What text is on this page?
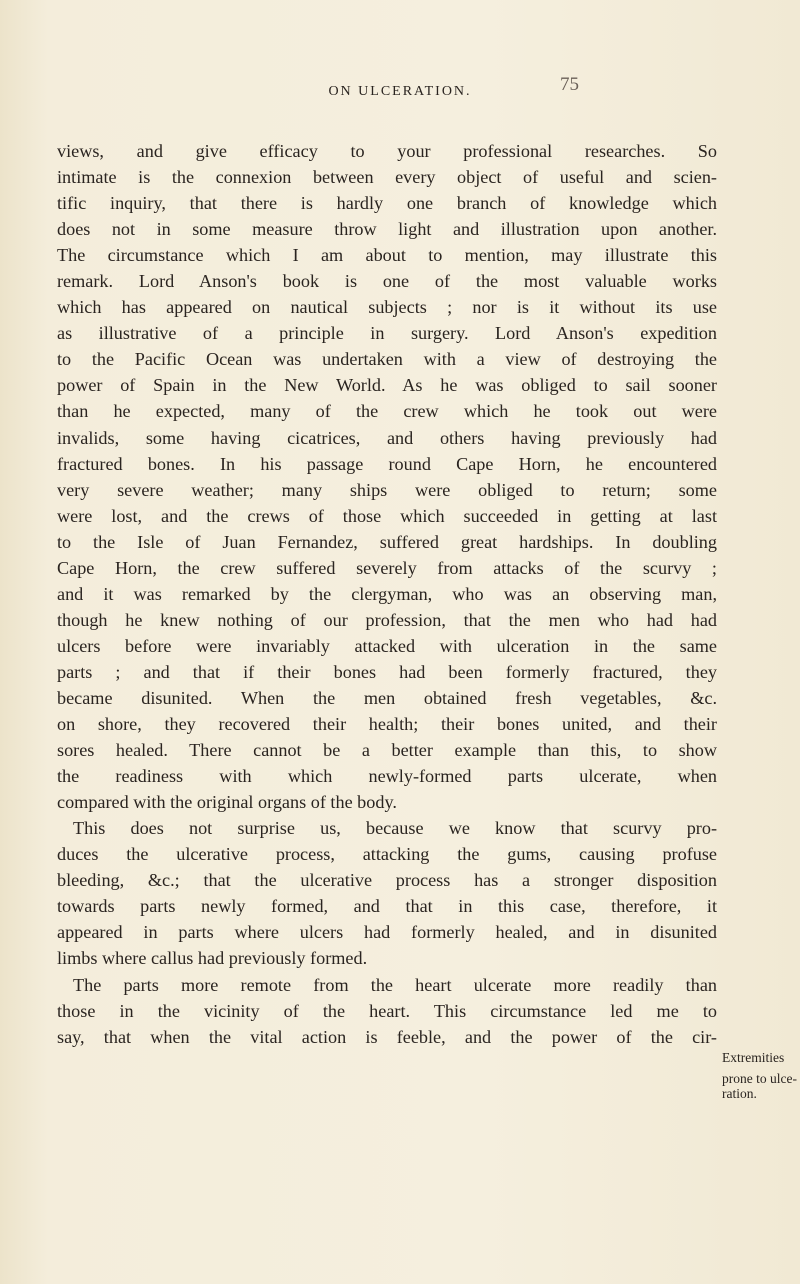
ON ULCERATION.	75
views, and give efficacy to your professional researches. So
intimate is the connexion between every object of useful and scien-
tific inquiry, that there is hardly one branch of knowledge which
does not in some measure throw light and illustration upon another.
The circumstance which I am about to mention, may illustrate this
remark. Lord Anson's book is one of the most valuable works
which has appeared on nautical subjects ; nor is it without its use
as illustrative of a principle in surgery. Lord Anson's expedition
to the Pacific Ocean was undertaken with a view of destroying the
power of Spain in the New World. As he was obliged to sail sooner
than he expected, many of the crew which he took out were
invalids, some having cicatrices, and others having previously had
fractured bones. In his passage round Cape Horn, he encountered
very severe weather; many ships were obliged to return; some
were lost, and the crews of those which succeeded in getting at last
to the Isle of Juan Fernandez, suffered great hardships. In doubling
Cape Horn, the crew suffered severely from attacks of the scurvy ;
and it was remarked by the clergyman, who was an observing man,
though he knew nothing of our profession, that the men who had had
ulcers before were invariably attacked with ulceration in the same
parts ; and that if their bones had been formerly fractured, they
became disunited. When the men obtained fresh vegetables, &c.
on shore, they recovered their health; their bones united, and their
sores healed. There cannot be a better example than this, to show
the readiness with which newly-formed parts ulcerate, when
compared with the original organs of the body.
This does not surprise us, because we know that scurvy pro-
duces the ulcerative process, attacking the gums, causing profuse
bleeding, &c.; that the ulcerative process has a stronger disposition
towards parts newly formed, and that in this case, therefore, it
appeared in parts where ulcers had formerly healed, and in disunited
limbs where callus had previously formed.
The parts more remote from the heart ulcerate more readily than
those in the vicinity of the heart. This circumstance led me to
say, that when the vital action is feeble, and the power of the cir-
Extremities
prone to ulce-
ration.
